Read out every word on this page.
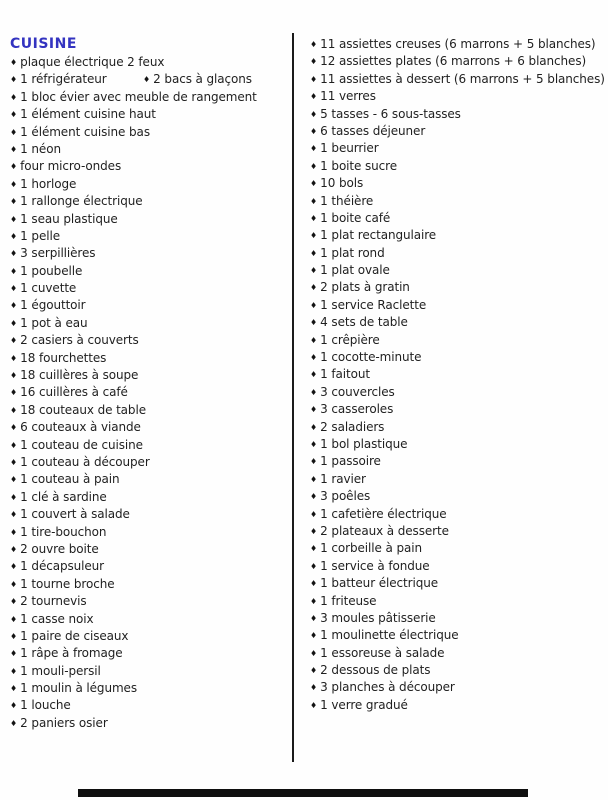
CUISINE
♦ plaque électrique 2 feux
♦ 1 réfrigérateur	♦ 2 bacs à glaçons
♦ 1 bloc évier avec meuble de rangement
♦ 1 élément cuisine haut
♦ 1 élément cuisine bas
♦ 1 néon
♦ four micro-ondes
♦ 1 horloge
♦ 1 rallonge électrique
♦ 1 seau plastique
♦ 1 pelle
♦ 3 serpillières
♦ 1 poubelle
♦ 1 cuvette
♦ 1 égouttoir
♦ 1 pot à eau
♦ 2 casiers à couverts
♦ 18 fourchettes
♦ 18 cuillères à soupe
♦ 16 cuillères à café
♦ 18 couteaux de table
♦ 6 couteaux à viande
♦ 1 couteau de cuisine
♦ 1 couteau à découper
♦ 1 couteau à pain
♦ 1 clé à sardine
♦ 1 couvert à salade
♦ 1 tire-bouchon
♦ 2 ouvre boite
♦ 1 décapsuleur
♦ 1 tourne broche
♦ 2 tournevis
♦ 1 casse noix
♦ 1 paire de ciseaux
♦ 1 râpe à fromage
♦ 1 mouli-persil
♦ 1 moulin à légumes
♦ 1 louche
♦ 2 paniers osier
♦ 11 assiettes creuses (6 marrons + 5 blanches)
♦ 12 assiettes plates (6 marrons + 6 blanches)
♦ 11 assiettes à dessert (6 marrons + 5 blanches)
♦ 11 verres
♦ 5 tasses - 6 sous-tasses
♦ 6 tasses déjeuner
♦ 1 beurrier
♦ 1 boite sucre
♦ 10 bols
♦ 1 théière
♦ 1 boite café
♦ 1 plat rectangulaire
♦ 1 plat rond
♦ 1 plat ovale
♦ 2 plats à gratin
♦ 1 service Raclette
♦ 4 sets de table
♦ 1 crêpière
♦ 1 cocotte-minute
♦ 1 faitout
♦ 3 couvercles
♦ 3 casseroles
♦ 2 saladiers
♦ 1 bol plastique
♦ 1 passoire
♦ 1 ravier
♦ 3 poêles
♦ 1 cafetière électrique
♦ 2 plateaux à desserte
♦ 1 corbeille à pain
♦ 1 service à fondue
♦ 1 batteur électrique
♦ 1 friteuse
♦ 3 moules pâtisserie
♦ 1 moulinette électrique
♦ 1 essoreuse à salade
♦ 2 dessous de plats
♦ 3 planches à découper
♦ 1 verre gradué
